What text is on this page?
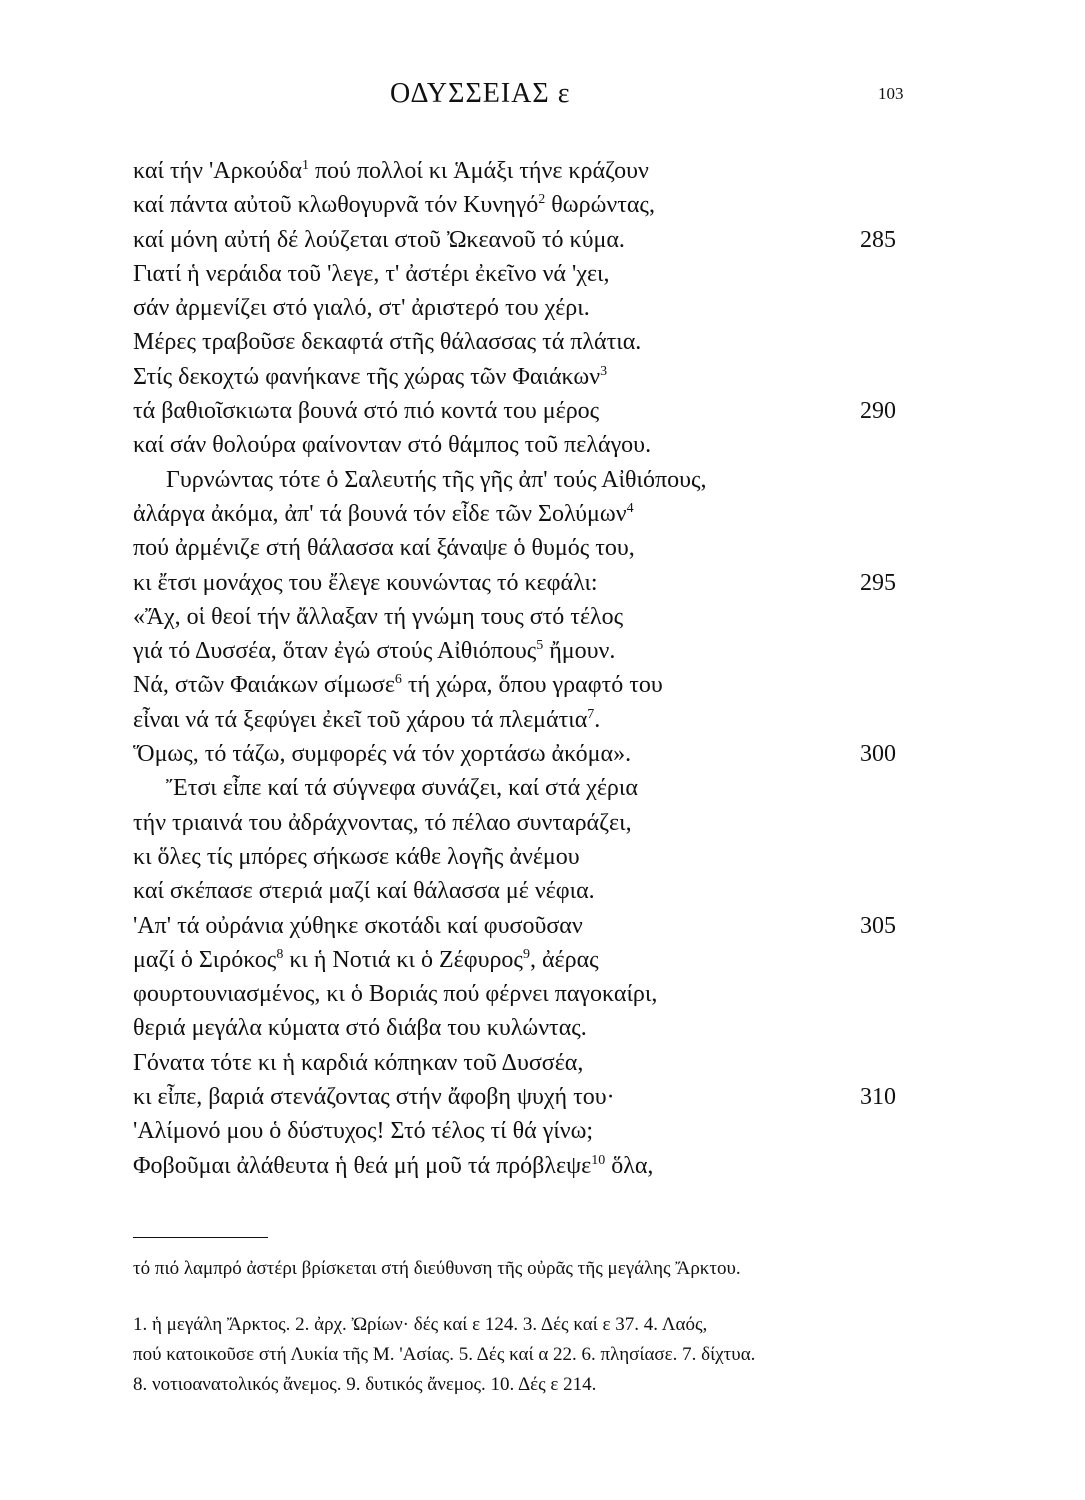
ΟΔΥΣΣΕΙΑΣ ε	103
καί τήν 'Αρκούδα$^1$ πού πολλοί κι Ἁμάξι τήνε κράζουν
καί πάντα αὐτοῦ κλωθογυρνᾶ τόν Κυνηγό$^2$ θωρώντας,
καί μόνη αὐτή δέ λούζεται στοῦ Ὠκεανοῦ τό κύμα.	285
Γιατί ἡ νεράιδα τοῦ 'λεγε, τ' ἀστέρι ἐκεῖνο νά 'χει,
σάν ἀρμενίζει στό γιαλό, στ' ἀριστερό του χέρι.
Μέρες τραβοῦσε δεκαφτά στῆς θάλασσας τά πλάτια.
Στίς δεκοχτώ φανήκανε τῆς χώρας τῶν Φαιάκων$^3$
τά βαθιοῖσκιωτα βουνά στό πιό κοντά του μέρος	290
καί σάν θολούρα φαίνονταν στό θάμπος τοῦ πελάγου.
Γυρνώντας τότε ὁ Σαλευτής τῆς γῆς ἀπ' τούς Αἰθιόπους,
ἀλάργα ἀκόμα, ἀπ' τά βουνά τόν εἶδε τῶν Σολύμων$^4$
πού ἀρμένιζε στή θάλασσα καί ξάναψε ὁ θυμός του,
κι ἔτσι μονάχος του ἔλεγε κουνώντας τό κεφάλι:	295
«Ἄχ, οἱ θεοί τήν ἄλλαξαν τή γνώμη τους στό τέλος
γιά τό Δυσσέα, ὅταν ἐγώ στούς Αἰθιόπους$^5$ ἤμουν.
Νά, στῶν Φαιάκων σίμωσε$^6$ τή χώρα, ὅπου γραφτό του
εἶναι νά τά ξεφύγει ἐκεῖ τοῦ χάρου τά πλεμάτια$^7$.
Ὅμως, τό τάζω, συμφορές νά τόν χορτάσω ἀκόμα».	300
Ἔτσι εἶπε καί τά σύγνεφα συνάζει, καί στά χέρια
τήν τριαινά του ἀδράχνοντας, τό πέλαο συνταράζει,
κι ὅλες τίς μπόρες σήκωσε κάθε λογῆς ἀνέμου
καί σκέπασε στεριά μαζί καί θάλασσα μέ νέφια.
'Απ' τά οὐράνια χύθηκε σκοτάδι καί φυσοῦσαν	305
μαζί ὁ Σιρόκος$^8$ κι ἡ Νοτιά κι ὁ Ζέφυρος$^9$, ἀέρας
φουρτουνιασμένος, κι ὁ Βοριάς πού φέρνει παγοκαίρι,
θεριά μεγάλα κύματα στό διάβα του κυλώντας.
Γόνατα τότε κι ἡ καρδιά κόπηκαν τοῦ Δυσσέα,
κι εἶπε, βαριά στενάζοντας στήν ἄφοβη ψυχή του·	310
'Αλίμονό μου ὁ δύστυχος! Στό τέλος τί θά γίνω;
Φοβοῦμαι ἀλάθευτα ἡ θεά μή μοῦ τά πρόβλεψε$^{10}$ ὅλα,
τό πιό λαμπρό ἀστέρι βρίσκεται στή διεύθυνση τῆς οὐρᾶς τῆς μεγάλης Ἄρκτου.
1. ἡ μεγάλη Ἄρκτος. 2. ἀρχ. Ὠρίων· δές καί ε 124. 3. Δές καί ε 37. 4. Λαός,
πού κατοικοῦσε στή Λυκία τῆς Μ. 'Ασίας. 5. Δές καί α 22. 6. πλησίασε. 7. δίχτυα.
8. νοτιοανατολικός ἄνεμος. 9. δυτικός ἄνεμος. 10. Δές ε 214.
